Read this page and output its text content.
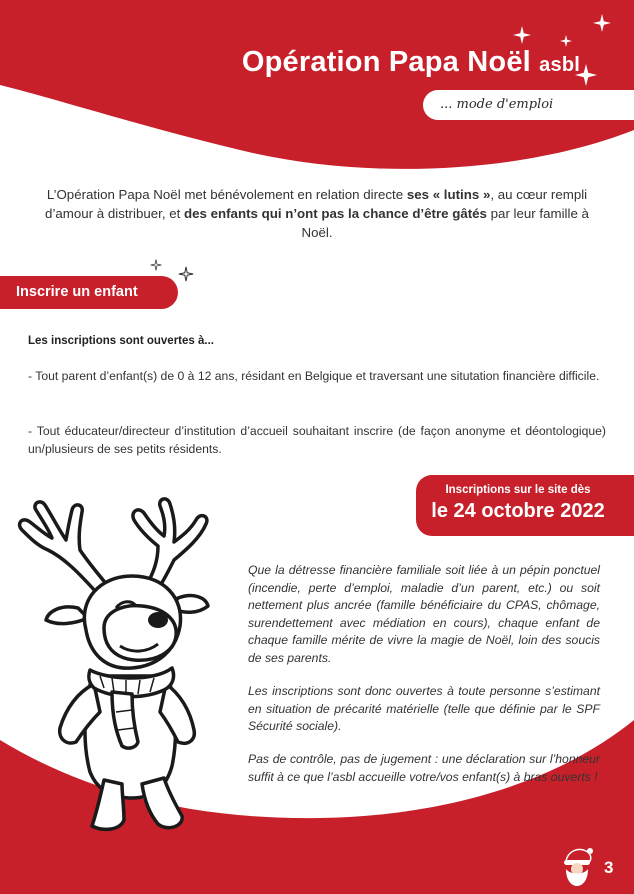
Opération Papa Noël asbl
... mode d'emploi
L’Opération Papa Noël met bénévolement en relation directe ses « lutins », au cœur rempli d’amour à distribuer, et des enfants qui n’ont pas la chance d’être gâtés par leur famille à Noël.
Inscrire un enfant
Les inscriptions sont ouvertes à...
- Tout parent d’enfant(s) de 0 à 12 ans, résidant en Belgique et traversant une situtation financière difficile.
- Tout éducateur/directeur d’institution d’accueil souhaitant inscrire (de façon anonyme et déontologique) un/plusieurs de ses petits résidents.
Inscriptions sur le site dès
le 24 octobre 2022
Que la détresse financière familiale soit liée à un pépin ponctuel (incendie, perte d’emploi, maladie d’un parent, etc.) ou soit nettement plus ancrée (famille bénéficiaire du CPAS, chômage, surendettement avec médiation en cours), chaque enfant de chaque famille mérite de vivre la magie de Noël, loin des soucis de ses parents.
Les inscriptions sont donc ouvertes à toute personne s’estimant en situation de précarité matérielle (telle que définie par le SPF Sécurité sociale).
Pas de contrôle, pas de jugement : une déclaration sur l’honneur suffit à ce que l’asbl accueille votre/vos enfant(s) à bras ouverts !
3
